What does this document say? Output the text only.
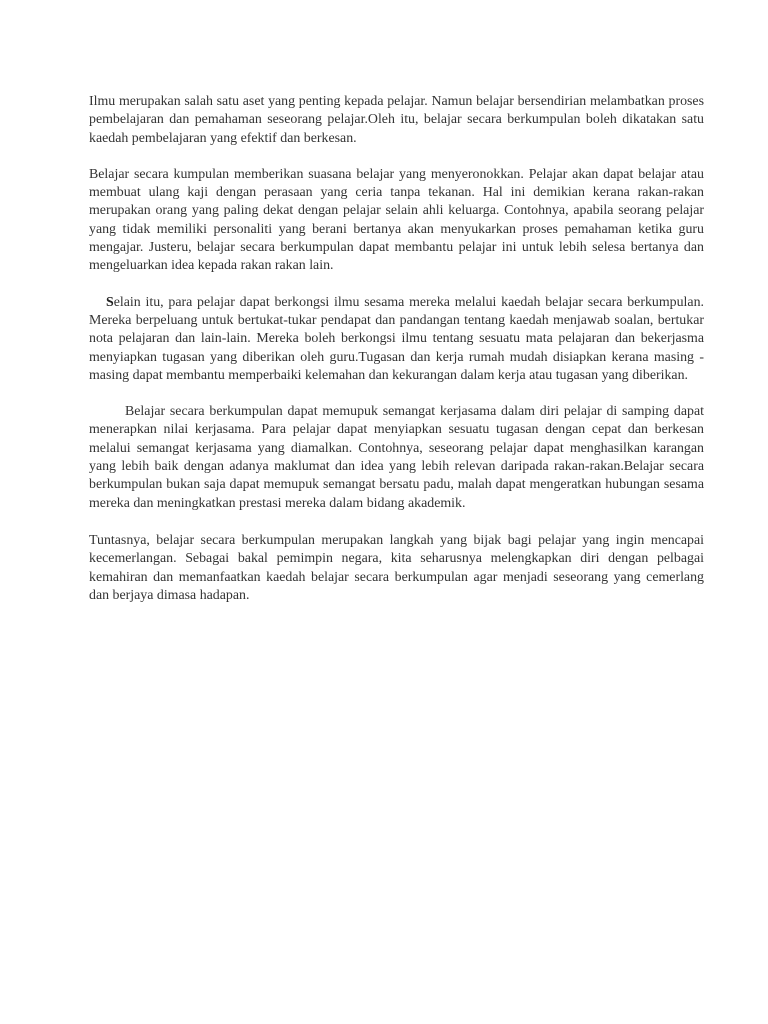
Ilmu merupakan salah satu aset yang penting kepada pelajar. Namun belajar bersendirian melambatkan proses pembelajaran dan pemahaman seseorang pelajar.Oleh itu, belajar secara berkumpulan boleh dikatakan satu kaedah pembelajaran yang efektif dan berkesan.

Belajar secara kumpulan memberikan suasana belajar yang menyeronokkan. Pelajar akan dapat belajar atau membuat ulang kaji dengan perasaan yang ceria tanpa tekanan. Hal ini demikian kerana rakan-rakan merupakan orang yang paling dekat dengan pelajar selain ahli keluarga. Contohnya, apabila seorang pelajar yang tidak memiliki personaliti yang berani bertanya akan menyukarkan proses pemahaman ketika guru mengajar. Justeru, belajar secara berkumpulan dapat membantu pelajar ini untuk lebih selesa bertanya dan mengeluarkan idea kepada rakan rakan lain.

Selain itu, para pelajar dapat berkongsi ilmu sesama mereka melalui kaedah belajar secara berkumpulan. Mereka berpeluang untuk bertukat-tukar pendapat dan pandangan tentang kaedah menjawab soalan, bertukar nota pelajaran dan lain-lain. Mereka boleh berkongsi ilmu tentang sesuatu mata pelajaran dan bekerjasma menyiapkan tugasan yang diberikan oleh guru.Tugasan dan kerja rumah mudah disiapkan kerana masing -masing dapat membantu memperbaiki kelemahan dan kekurangan dalam kerja atau tugasan yang diberikan.

Belajar secara berkumpulan dapat memupuk semangat kerjasama dalam diri pelajar di samping dapat menerapkan nilai kerjasama. Para pelajar dapat menyiapkan sesuatu tugasan dengan cepat dan berkesan melalui semangat kerjasama yang diamalkan. Contohnya, seseorang pelajar dapat menghasilkan karangan yang lebih baik dengan adanya maklumat dan idea yang lebih relevan daripada rakan-rakan.Belajar secara berkumpulan bukan saja dapat memupuk semangat bersatu padu, malah dapat mengeratkan hubungan sesama mereka dan meningkatkan prestasi mereka dalam bidang akademik.

Tuntasnya, belajar secara berkumpulan merupakan langkah yang bijak bagi pelajar yang ingin mencapai kecemerlangan. Sebagai bakal pemimpin negara, kita seharusnya melengkapkan diri dengan pelbagai kemahiran dan memanfaatkan kaedah belajar secara berkumpulan agar menjadi seseorang yang cemerlang dan berjaya dimasa hadapan.
